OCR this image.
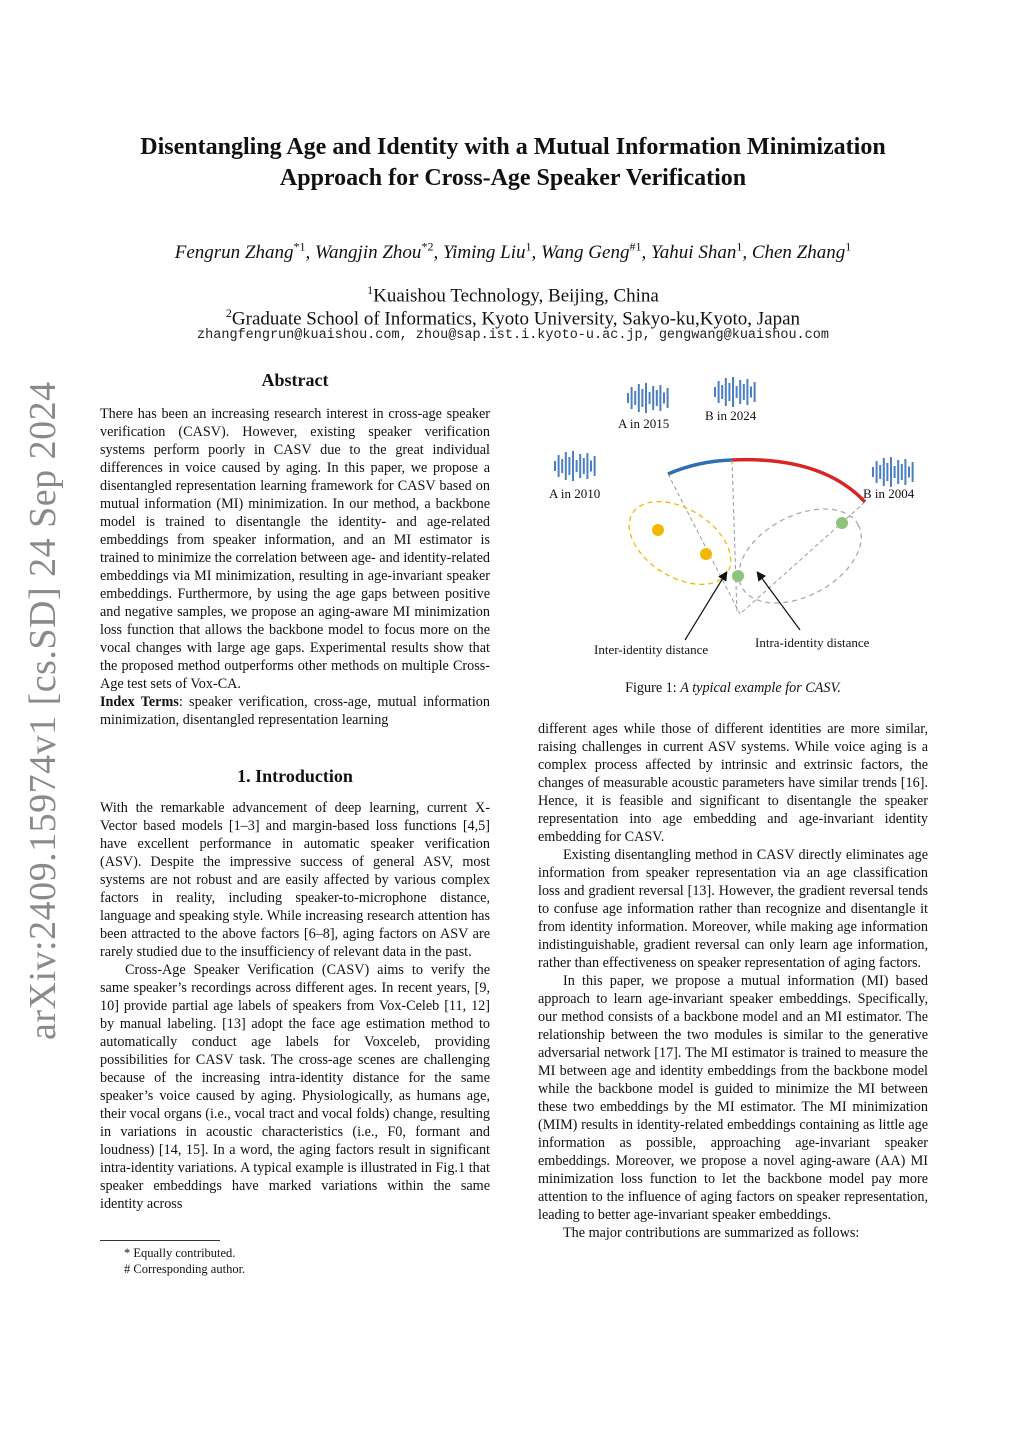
arXiv:2409.15974v1 [cs.SD] 24 Sep 2024
Disentangling Age and Identity with a Mutual Information Minimization
Approach for Cross-Age Speaker Verification
Fengrun Zhang$^{*1}$, Wangjin Zhou$^{*2}$, Yiming Liu$^1$, Wang Geng$^{\#1}$, Yahui Shan$^1$, Chen Zhang$^1$
$^1$Kuaishou Technology, Beijing, China
$^2$Graduate School of Informatics, Kyoto University, Sakyo-ku,Kyoto, Japan
zhangfengrun@kuaishou.com, zhou@sap.ist.i.kyoto-u.ac.jp, gengwang@kuaishou.com
Abstract

There has been an increasing research interest in cross-age speaker verification (CASV). However, existing speaker verification systems perform poorly in CASV due to the great individual differences in voice caused by aging. In this paper, we propose a disentangled representation learning framework for CASV based on mutual information (MI) minimization. In our method, a backbone model is trained to disentangle the identity- and age-related embeddings from speaker information, and an MI estimator is trained to minimize the correlation between age- and identity-related embeddings via MI minimization, resulting in age-invariant speaker embeddings. Furthermore, by using the age gaps between positive and negative samples, we propose an aging-aware MI minimization loss function that allows the backbone model to focus more on the vocal changes with large age gaps. Experimental results show that the proposed method outperforms other methods on multiple Cross-Age test sets of Vox-CA.

Index Terms: speaker verification, cross-age, mutual information minimization, disentangled representation learning

1. Introduction

With the remarkable advancement of deep learning, current X-Vector based models [1–3] and margin-based loss functions [4,5] have excellent performance in automatic speaker verification (ASV). Despite the impressive success of general ASV, most systems are not robust and are easily affected by various complex factors in reality, including speaker-to-microphone distance, language and speaking style. While increasing research attention has been attracted to the above factors [6–8], aging factors on ASV are rarely studied due to the insufficiency of relevant data in the past.

Cross-Age Speaker Verification (CASV) aims to verify the same speaker’s recordings across different ages. In recent years, [9, 10] provide partial age labels of speakers from Vox-Celeb [11, 12] by manual labeling. [13] adopt the face age estimation method to automatically conduct age labels for Voxceleb, providing possibilities for CASV task. The cross-age scenes are challenging because of the increasing intra-identity distance for the same speaker’s voice caused by aging. Physiologically, as humans age, their vocal organs (i.e., vocal tract and vocal folds) change, resulting in variations in acoustic characteristics (i.e., F0, formant and loudness) [14, 15]. In a word, the aging factors result in significant intra-identity variations. A typical example is illustrated in Fig.1 that speaker embeddings have marked variations within the same identity across

* Equally contributed.
# Corresponding author.
A in 2015
B in 2024
A in 2010	B in 2004
Inter-identity distance	Intra-identity distance
Figure 1: A typical example for CASV.

different ages while those of different identities are more similar, raising challenges in current ASV systems. While voice aging is a complex process affected by intrinsic and extrinsic factors, the changes of measurable acoustic parameters have similar trends [16]. Hence, it is feasible and significant to disentangle the speaker representation into age embedding and age-invariant identity embedding for CASV.

Existing disentangling method in CASV directly eliminates age information from speaker representation via an age classification loss and gradient reversal [13]. However, the gradient reversal tends to confuse age information rather than recognize and disentangle it from identity information. Moreover, while making age information indistinguishable, gradient reversal can only learn age information, rather than effectiveness on speaker representation of aging factors.

In this paper, we propose a mutual information (MI) based approach to learn age-invariant speaker embeddings. Specifically, our method consists of a backbone model and an MI estimator. The relationship between the two modules is similar to the generative adversarial network [17]. The MI estimator is trained to measure the MI between age and identity embeddings from the backbone model while the backbone model is guided to minimize the MI between these two embeddings by the MI estimator. The MI minimization (MIM) results in identity-related embeddings containing as little age information as possible, approaching age-invariant speaker embeddings. Moreover, we propose a novel aging-aware (AA) MI minimization loss function to let the backbone model pay more attention to the influence of aging factors on speaker representation, leading to better age-invariant speaker embeddings.

The major contributions are summarized as follows:
